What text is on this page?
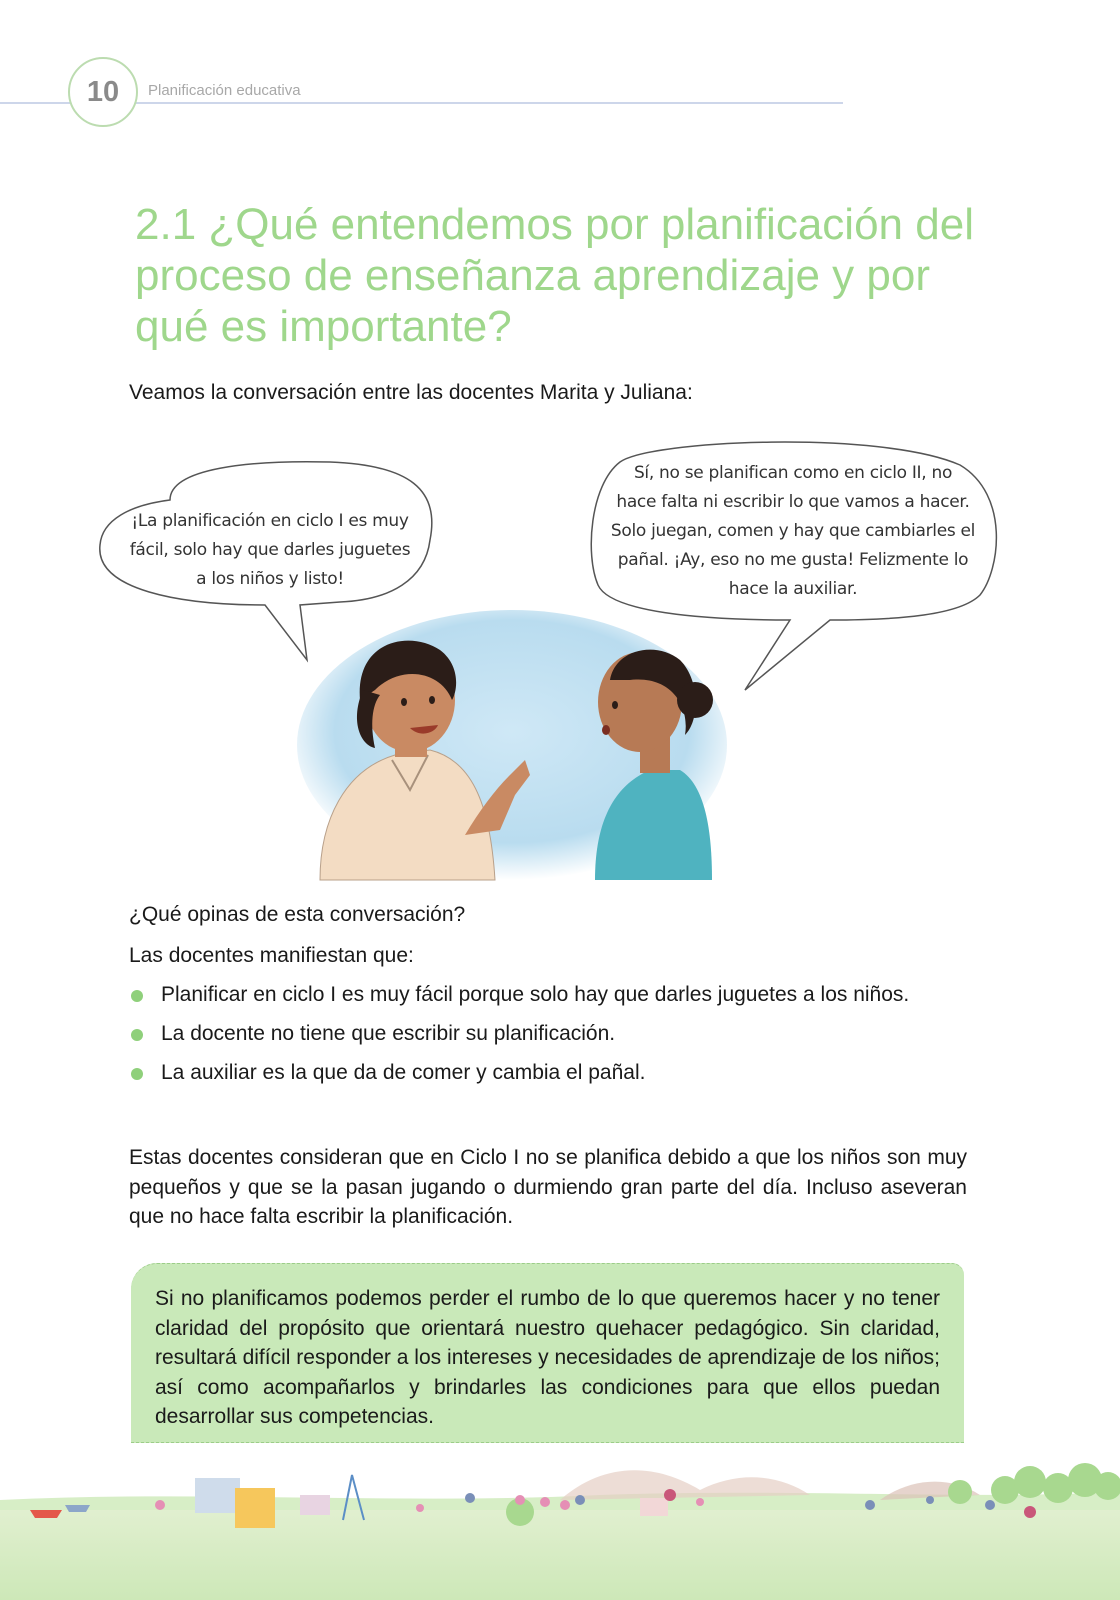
10	Planificación educativa
2.1 ¿Qué entendemos por planificación del proceso de enseñanza aprendizaje y por qué es importante?
Veamos la conversación entre las docentes Marita y Juliana:
¡La planificación en ciclo I es muy
fácil, solo hay que darles juguetes
a los niños y listo!
Sí, no se planifican como en ciclo II, no
hace falta ni escribir lo que vamos a hacer.
Solo juegan, comen y hay que cambiarles el
pañal. ¡Ay, eso no me gusta! Felizmente lo
hace la auxiliar.
¿Qué opinas de esta conversación?
Las docentes manifiestan que:
Planificar en ciclo I es muy fácil porque solo hay que darles juguetes a los niños.
La docente no tiene que escribir su planificación.
La auxiliar es la que da de comer y cambia el pañal.

Estas docentes consideran que en Ciclo I no se planifica debido a que los niños son muy pequeños y que se la pasan jugando o durmiendo gran parte del día. Incluso aseveran que no hace falta escribir la planificación.

Si no planificamos podemos perder el rumbo de lo que queremos hacer y no tener claridad del propósito que orientará nuestro quehacer pedagógico. Sin claridad, resultará difícil responder a los intereses y necesidades de aprendizaje de los niños; así como acompañarlos y brindarles las condiciones para que ellos puedan desarrollar sus competencias.
